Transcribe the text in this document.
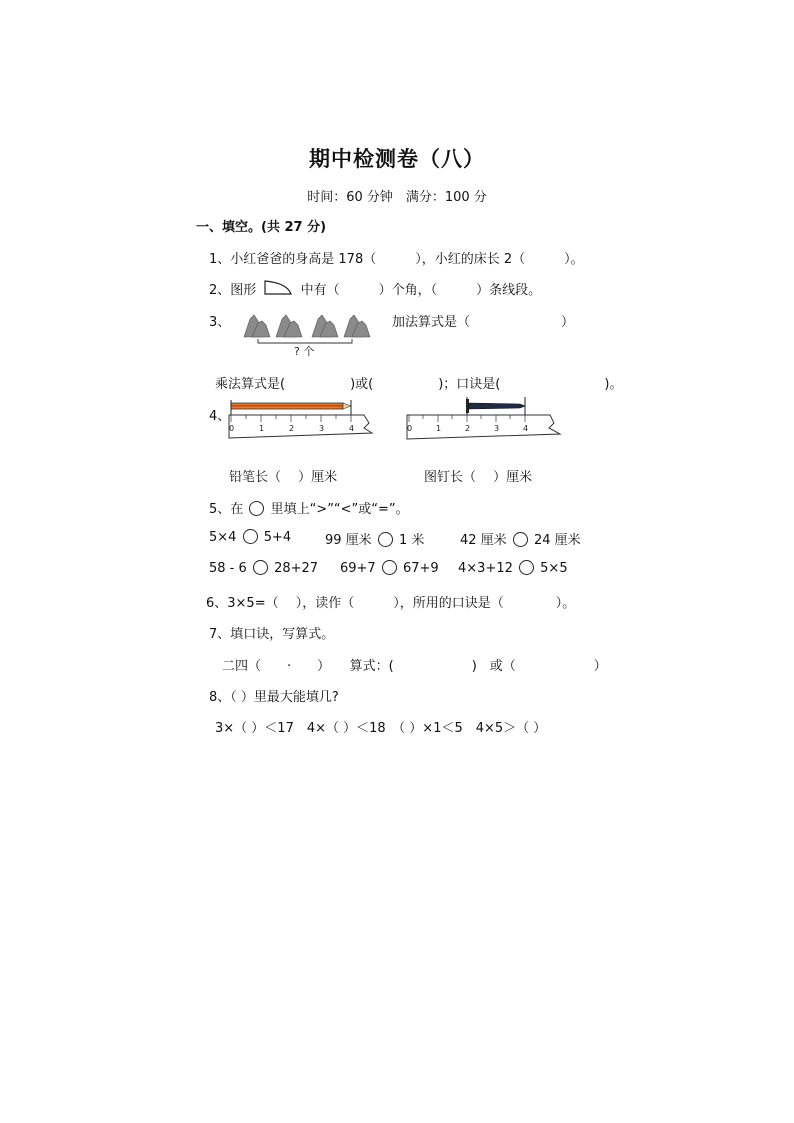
期中检测卷（八）
时间：60 分钟　满分：100 分
一、填空。(共 27 分)
1、小红爸爸的身高是 178（　　　），小红的床长 2（　　　）。
2、图形	中有（　　　）个角，（　　　）条线段。
3、
? 个
加法算式是（　　　　　　　）
乘法算式是(　　　　　)或(　　　　　)；口诀是(　　　　　　　　)。
4、
0	1	2	3	4	0	1	2	3	4
铅笔长（　 ）厘米	图钉长（　 ）厘米
5、在 里填上“>”“<”或“=”。
5×4 5+4	99 厘米 1 米	42 厘米 24 厘米
58 - 6 28+27 69+7 67+9 4×3+12 5×5
6、3×5=（　 ），读作（　　　），所用的口诀是（　　　　）。
7、填口诀，写算式。
二四（　　·　　）　　算式：(　　　　　　)　或（　　　　　　）
8、（ ）里最大能填几?
3×（ ）＜17　4×（ ）＜18　（ ）×1＜5　4×5＞（ ）
